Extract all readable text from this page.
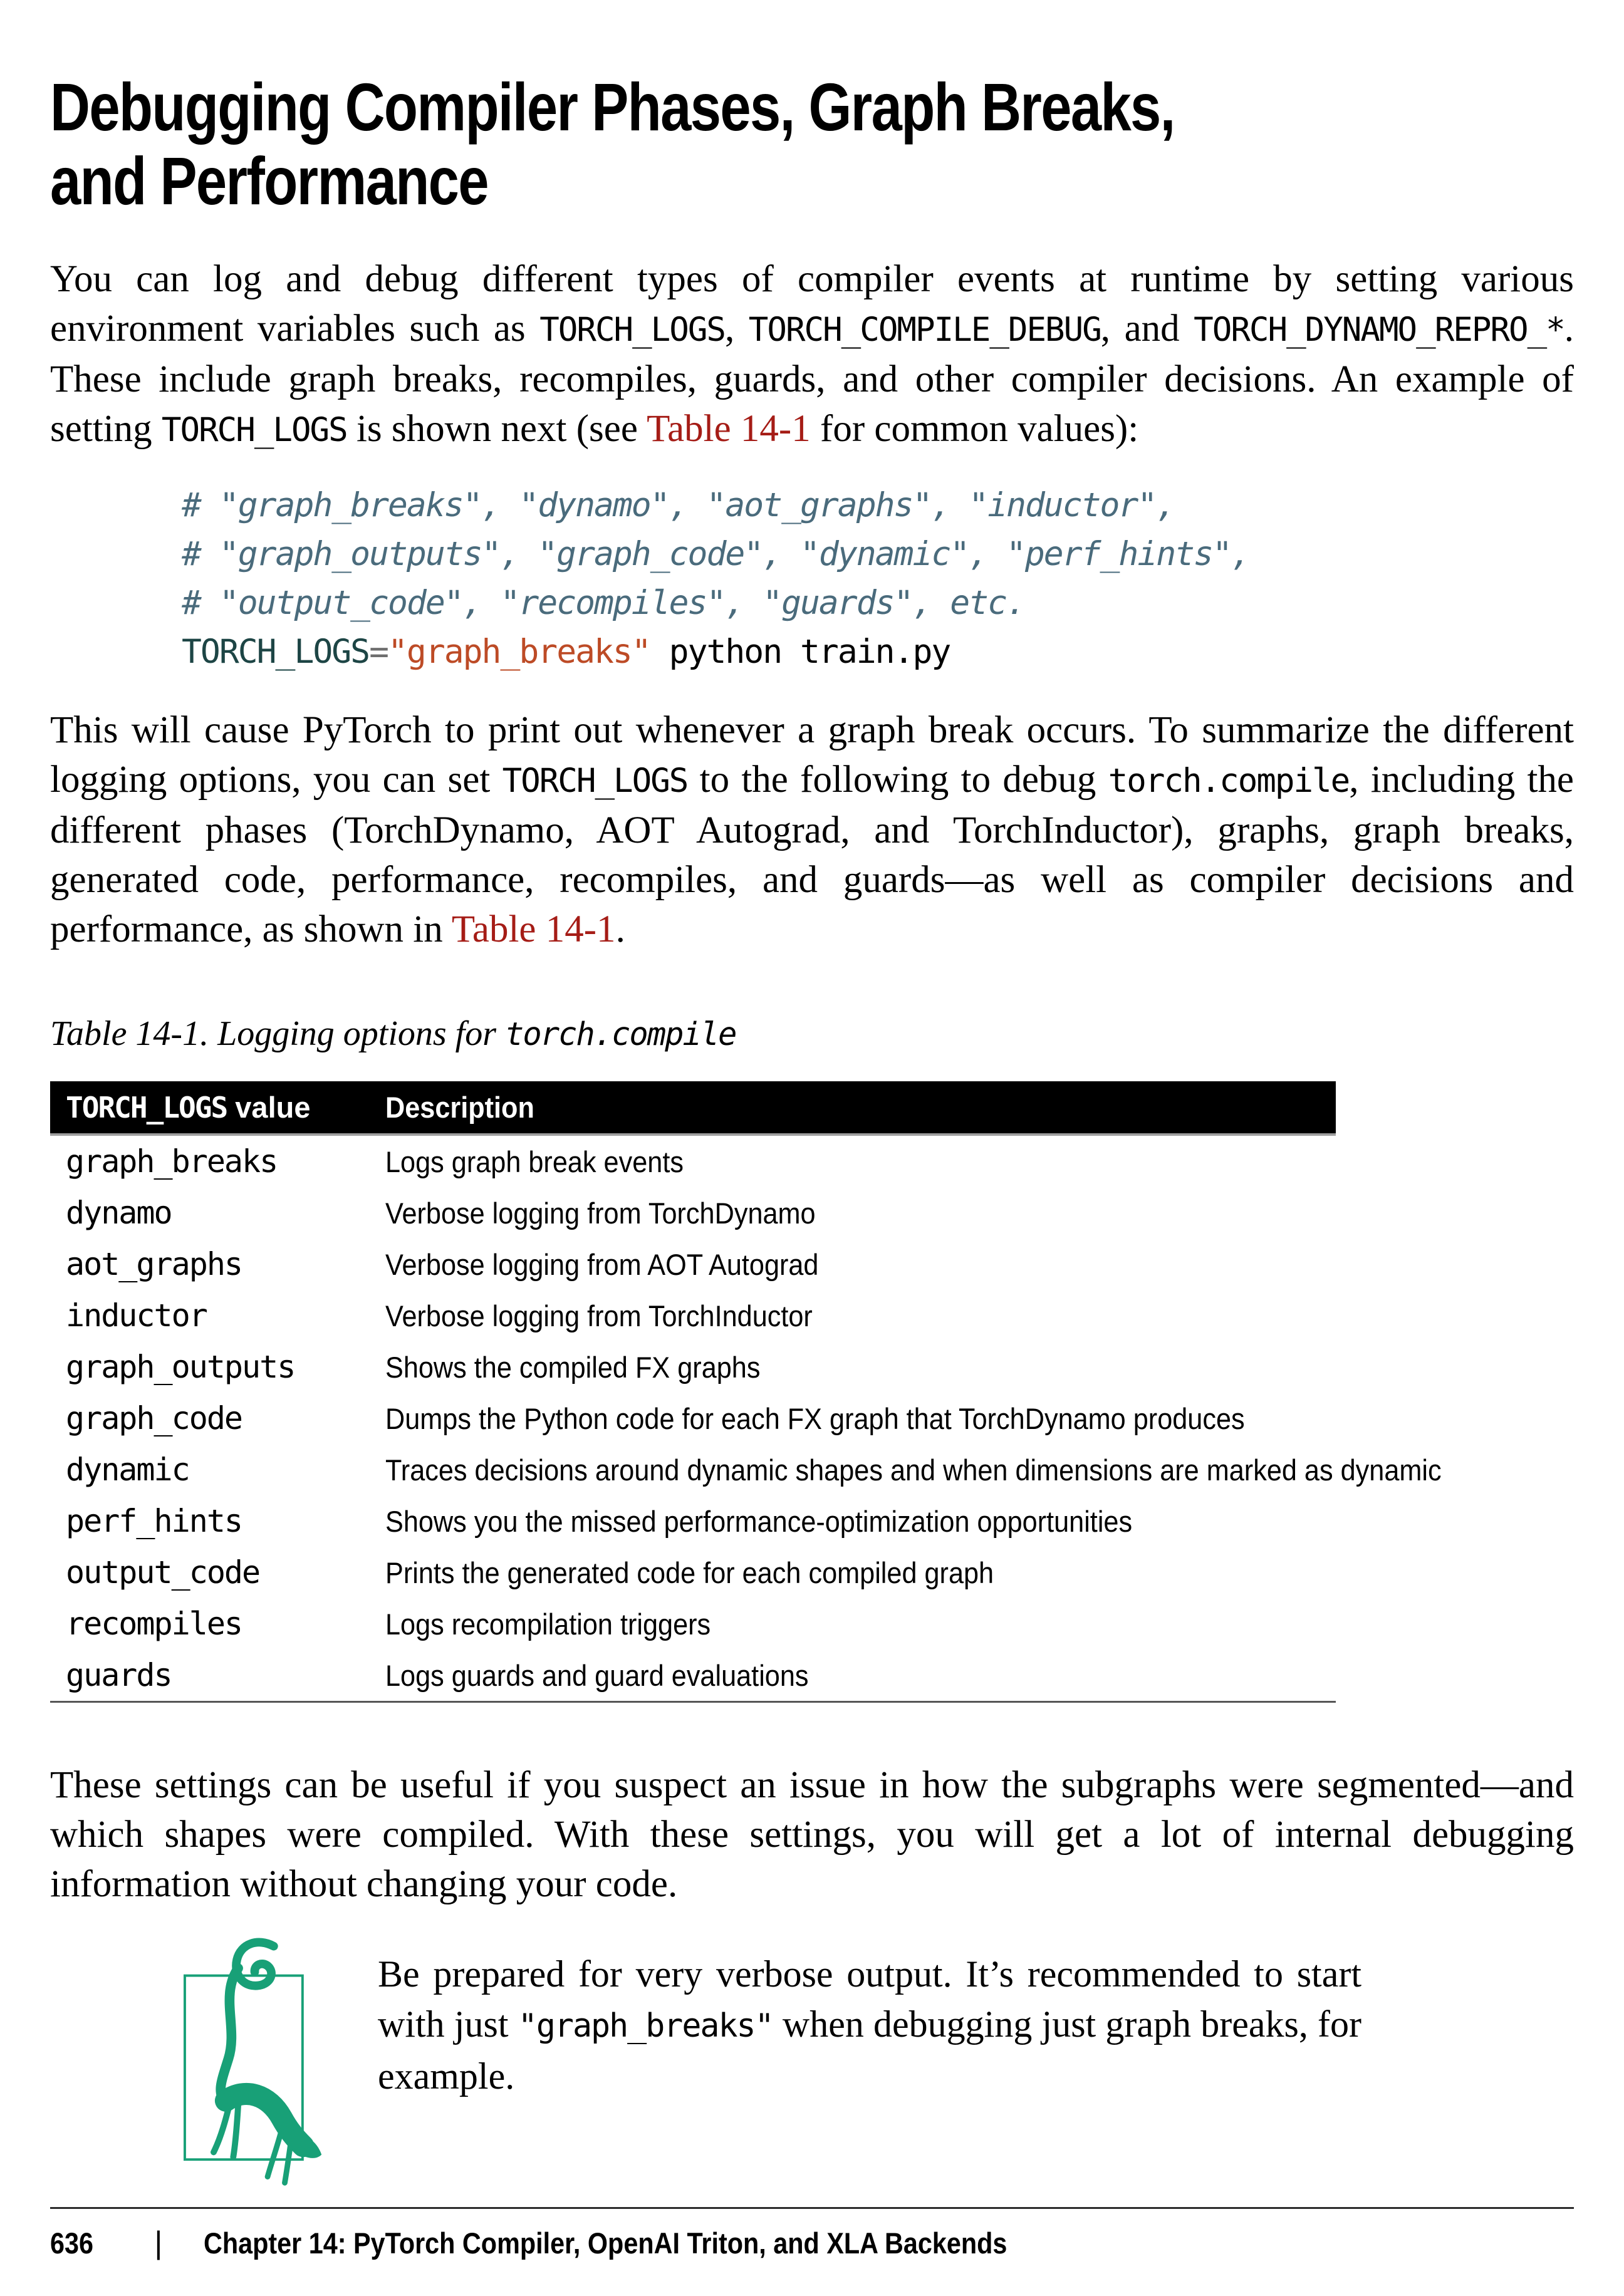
Debugging Compiler Phases, Graph Breaks,
and Performance

You can log and debug different types of compiler events at runtime by setting various environment variables such as TORCH_LOGS, TORCH_COMPILE_DEBUG, and TORCH_DYNAMO_REPRO_*. These include graph breaks, recompiles, guards, and other compiler decisions. An example of setting TORCH_LOGS is shown next (see Table 14-1 for common values):

# "graph_breaks", "dynamo", "aot_graphs", "inductor",
# "graph_outputs", "graph_code", "dynamic", "perf_hints",
# "output_code", "recompiles", "guards", etc.
TORCH_LOGS="graph_breaks" python train.py

This will cause PyTorch to print out whenever a graph break occurs. To summarize the different logging options, you can set TORCH_LOGS to the following to debug torch.compile, including the different phases (TorchDynamo, AOT Autograd, and TorchInductor), graphs, graph breaks, generated code, performance, recompiles, and guards—as well as compiler decisions and performance, as shown in Table 14-1.

Table 14-1. Logging options for torch.compile
TORCH_LOGS value	Description
graph_breaks	Logs graph break events
dynamo	Verbose logging from TorchDynamo
aot_graphs	Verbose logging from AOT Autograd
inductor	Verbose logging from TorchInductor
graph_outputs	Shows the compiled FX graphs
graph_code	Dumps the Python code for each FX graph that TorchDynamo produces
dynamic	Traces decisions around dynamic shapes and when dimensions are marked as dynamic
perf_hints	Shows you the missed performance-optimization opportunities
output_code	Prints the generated code for each compiled graph
recompiles	Logs recompilation triggers
guards	Logs guards and guard evaluations

These settings can be useful if you suspect an issue in how the subgraphs were segmented—and which shapes were compiled. With these settings, you will get a lot of internal debugging information without changing your code.

Be prepared for very verbose output. It’s recommended to start with just "graph_breaks" when debugging just graph breaks, for example.
636 | Chapter 14: PyTorch Compiler, OpenAI Triton, and XLA Backends
